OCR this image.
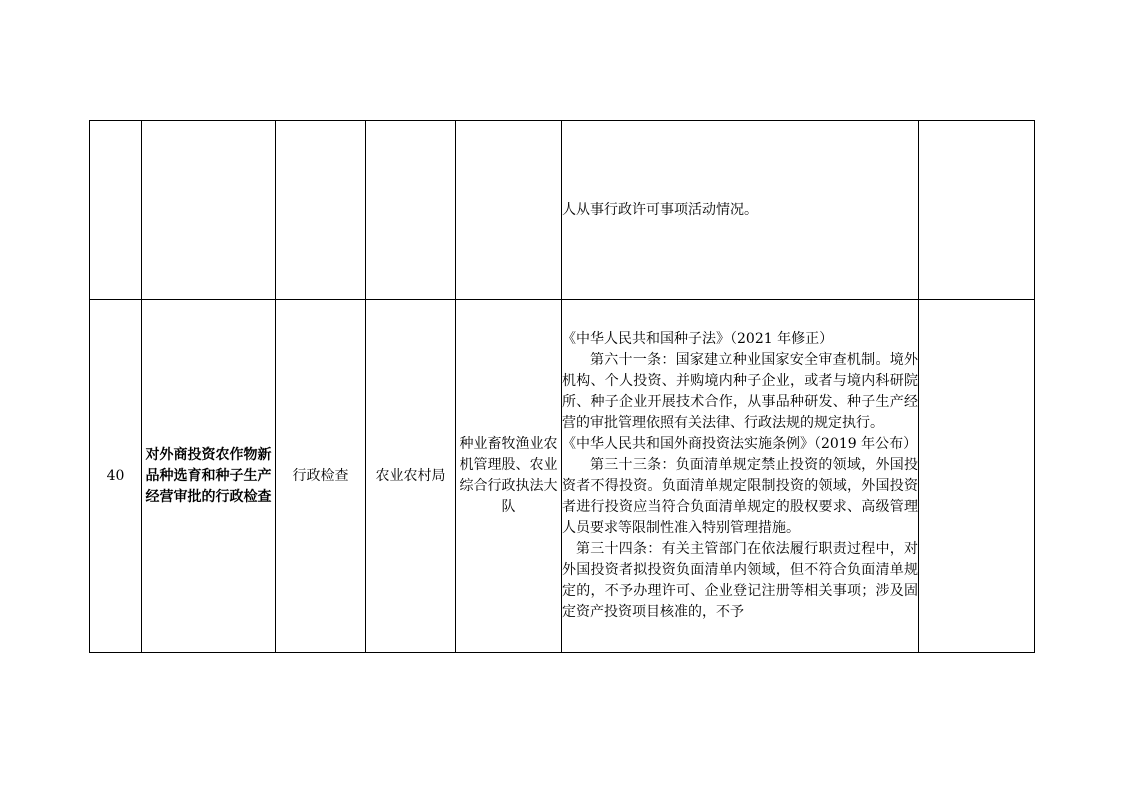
					人从事行政许可事项活动情况。	

40	对外商投资农作物新品种选育和种子生产经营审批的行政检查	行政检查	农业农村局	种业畜牧渔业农机管理股、农业综合行政执法大队	《中华人民共和国种子法》（2021 年修正）
第六十一条：国家建立种业国家安全审查机制。境外机构、个人投资、并购境内种子企业，或者与境内科研院所、种子企业开展技术合作，从事品种研发、种子生产经营的审批管理依照有关法律、行政法规的规定执行。
《中华人民共和国外商投资法实施条例》（2019 年公布）
第三十三条：负面清单规定禁止投资的领域，外国投资者不得投资。负面清单规定限制投资的领域，外国投资者进行投资应当符合负面清单规定的股权要求、高级管理人员要求等限制性准入特别管理措施。
第三十四条：有关主管部门在依法履行职责过程中，对外国投资者拟投资负面清单内领域，但不符合负面清单规定的，不予办理许可、企业登记注册等相关事项；涉及固定资产投资项目核准的，不予	
